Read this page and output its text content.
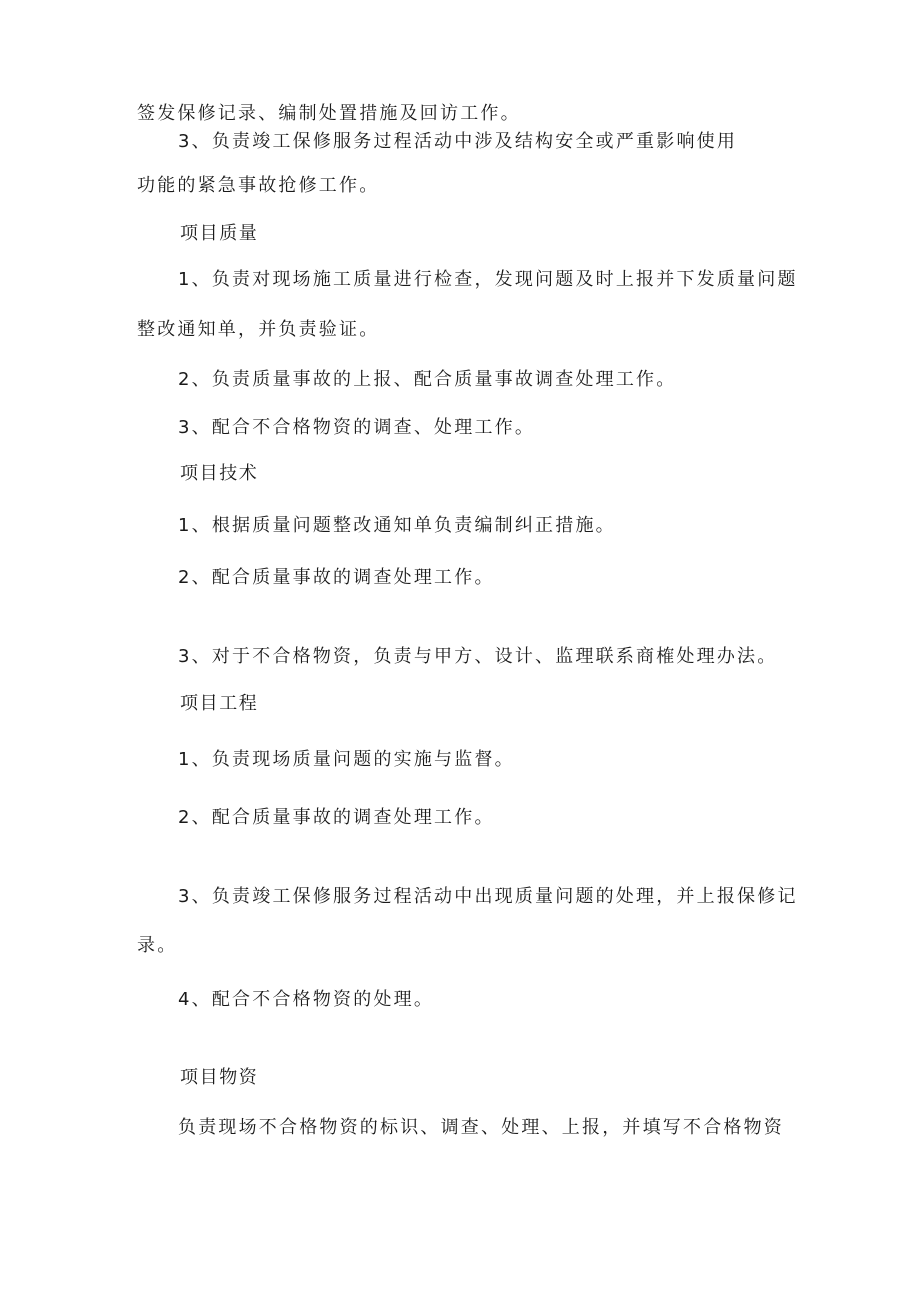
签发保修记录、编制处置措施及回访工作。

3、负责竣工保修服务过程活动中涉及结构安全或严重影响使用

功能的紧急事故抢修工作。

项目质量

1、负责对现场施工质量进行检查，发现问题及时上报并下发质量问题

整改通知单，并负责验证。

2、负责质量事故的上报、配合质量事故调查处理工作。

3、配合不合格物资的调查、处理工作。

项目技术

1、根据质量问题整改通知单负责编制纠正措施。

2、配合质量事故的调查处理工作。

3、对于不合格物资，负责与甲方、设计、监理联系商榷处理办法。

项目工程

1、负责现场质量问题的实施与监督。

2、配合质量事故的调查处理工作。

3、负责竣工保修服务过程活动中出现质量问题的处理，并上报保修记

录。

4、配合不合格物资的处理。

项目物资

负责现场不合格物资的标识、调查、处理、上报，并填写不合格物资
